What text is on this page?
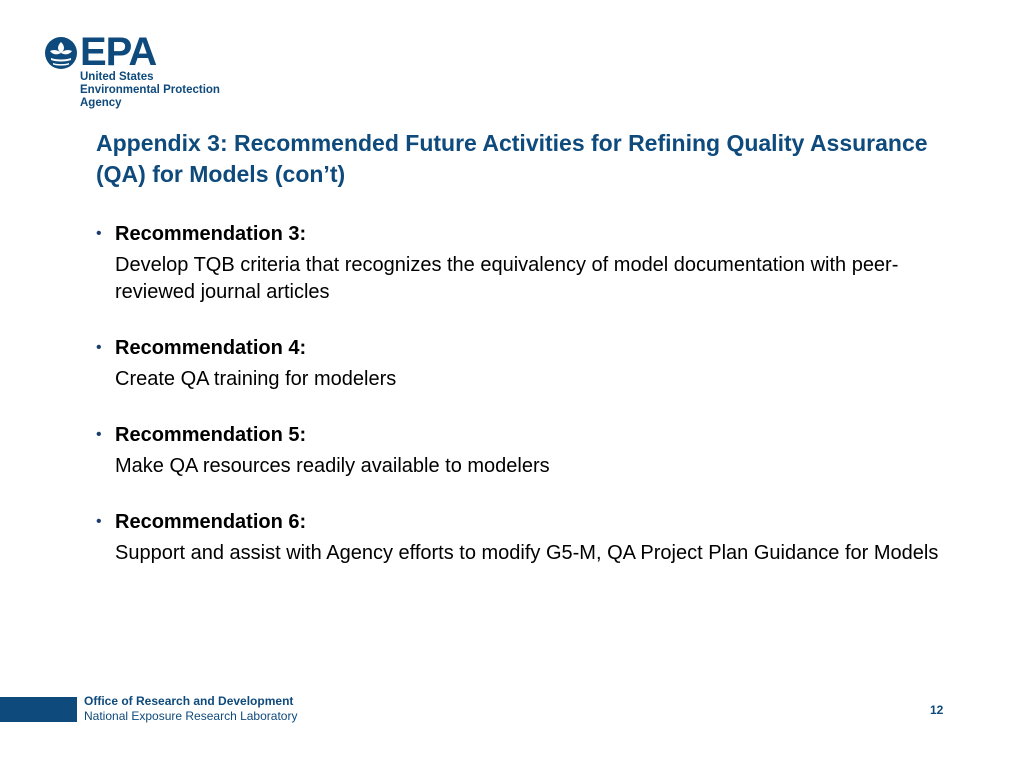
EPA
United States
Environmental Protection
Agency
Appendix 3: Recommended Future Activities for Refining Quality Assurance (QA) for Models (con’t)
• Recommendation 3:
Develop TQB criteria that recognizes the equivalency of model documentation with peer-reviewed journal articles
• Recommendation 4:
Create QA training for modelers
• Recommendation 5:
Make QA resources readily available to modelers
• Recommendation 6:
Support and assist with Agency efforts to modify G5-M, QA Project Plan Guidance for Models
Office of Research and Development
National Exposure Research Laboratory	12
